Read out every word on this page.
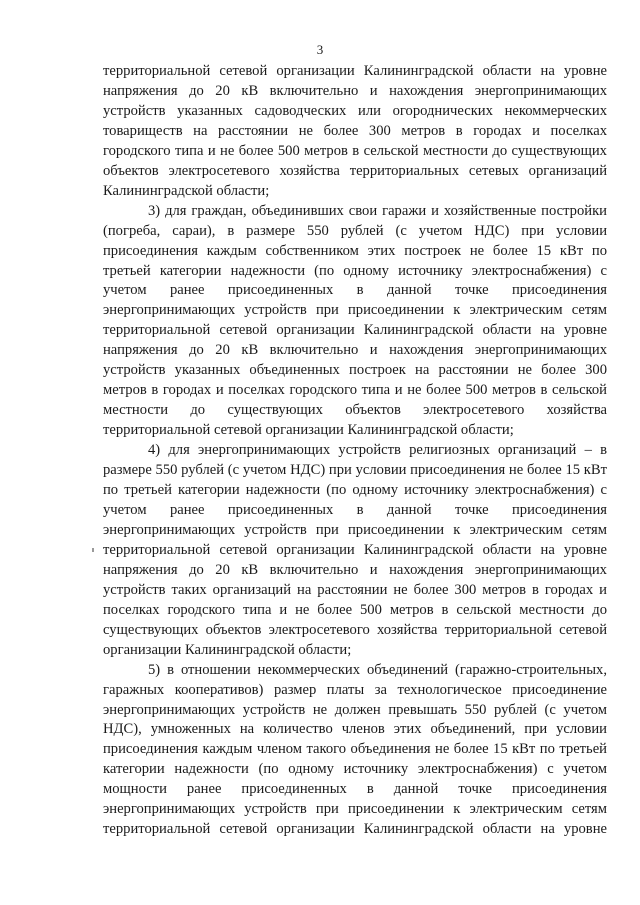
3

территориальной сетевой организации Калининградской области на уровне напряжения до 20 кВ включительно и нахождения энергопринимающих устройств указанных садоводческих или огороднических некоммерческих товариществ на расстоянии не более 300 метров в городах и поселках городского типа и не более 500 метров в сельской местности до существующих объектов электросетевого хозяйства территориальных сетевых организаций Калининградской области;

3) для граждан, объединивших свои гаражи и хозяйственные постройки (погреба, сараи), в размере 550 рублей (с учетом НДС) при условии присоединения каждым собственником этих построек не более 15 кВт по третьей категории надежности (по одному источнику электроснабжения) с учетом ранее присоединенных в данной точке присоединения энергопринимающих устройств при присоединении к электрическим сетям территориальной сетевой организации Калининградской области на уровне напряжения до 20 кВ включительно и нахождения энергопринимающих устройств указанных объединенных построек на расстоянии не более 300 метров в городах и поселках городского типа и не более 500 метров в сельской местности до существующих объектов электросетевого хозяйства территориальной сетевой организации Калининградской области;

4) для энергопринимающих устройств религиозных организаций – в размере 550 рублей (с учетом НДС) при условии присоединения не более 15 кВт по третьей категории надежности (по одному источнику электроснабжения) с учетом ранее присоединенных в данной точке присоединения энергопринимающих устройств при присоединении к электрическим сетям территориальной сетевой организации Калининградской области на уровне напряжения до 20 кВ включительно и нахождения энергопринимающих устройств таких организаций на расстоянии не более 300 метров в городах и поселках городского типа и не более 500 метров в сельской местности до существующих объектов электросетевого хозяйства территориальной сетевой организации Калининградской области;

5) в отношении некоммерческих объединений (гаражно-строительных, гаражных кооперативов) размер платы за технологическое присоединение энергопринимающих устройств не должен превышать 550 рублей (с учетом НДС), умноженных на количество членов этих объединений, при условии присоединения каждым членом такого объединения не более 15 кВт по третьей категории надежности (по одному источнику электроснабжения) с учетом мощности ранее присоединенных в данной точке присоединения энергопринимающих устройств при присоединении к электрическим сетям территориальной сетевой организации Калининградской области на уровне
